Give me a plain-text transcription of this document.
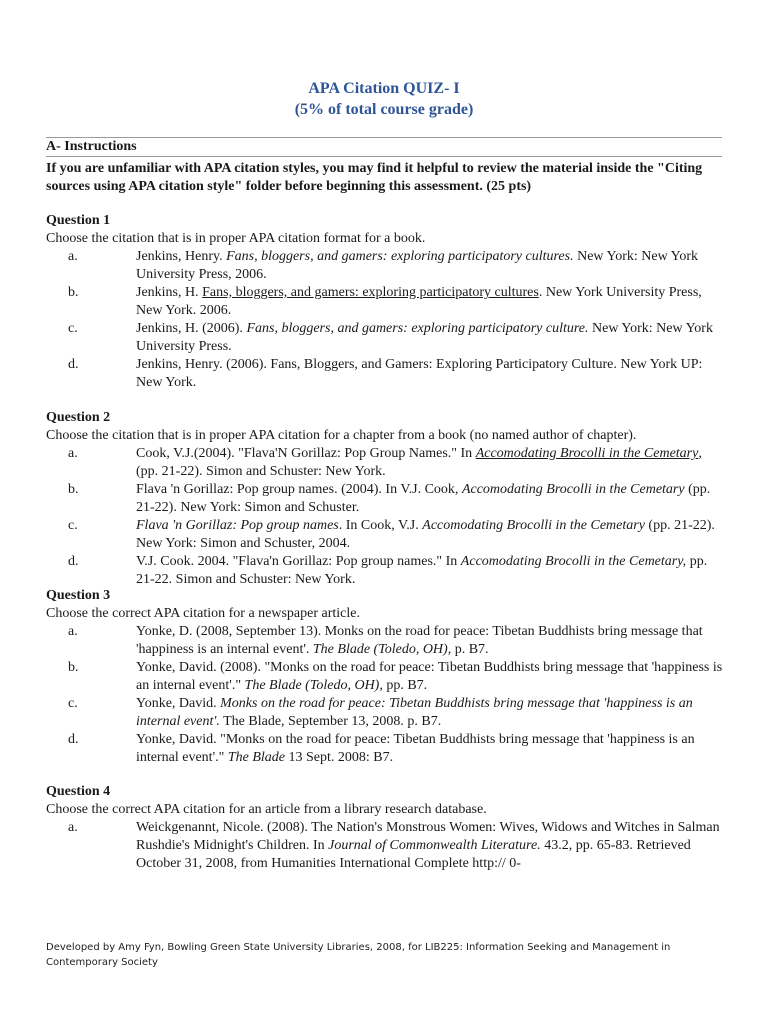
APA Citation QUIZ- I
(5% of total course grade)
A- Instructions
If you are unfamiliar with APA citation styles, you may find it helpful to review the material inside the "Citing sources using APA citation style" folder before beginning this assessment. (25 pts)
Question 1
Choose the citation that is in proper APA citation format for a book.
a.	Jenkins, Henry. Fans, bloggers, and gamers: exploring participatory cultures. New York: New York University Press, 2006.
b.	Jenkins, H. Fans, bloggers, and gamers: exploring participatory cultures. New York University Press, New York. 2006.
c.	Jenkins, H. (2006). Fans, bloggers, and gamers: exploring participatory culture. New York: New York University Press.
d.	Jenkins, Henry. (2006). Fans, Bloggers, and Gamers: Exploring Participatory Culture. New York UP: New York.
Question 2
Choose the citation that is in proper APA citation for a chapter from a book (no named author of chapter).
a.	Cook, V.J.(2004). "Flava'N Gorillaz: Pop Group Names." In Accomodating Brocolli in the Cemetary, (pp. 21-22). Simon and Schuster: New York.
b.	Flava 'n Gorillaz: Pop group names. (2004). In V.J. Cook, Accomodating Brocolli in the Cemetary (pp. 21-22). New York: Simon and Schuster.
c.	Flava 'n Gorillaz: Pop group names. In Cook, V.J. Accomodating Brocolli in the Cemetary (pp. 21-22). New York: Simon and Schuster, 2004.
d.	V.J. Cook. 2004. "Flava'n Gorillaz: Pop group names." In Accomodating Brocolli in the Cemetary, pp. 21-22. Simon and Schuster: New York.
Question 3
Choose the correct APA citation for a newspaper article.
a.	Yonke, D. (2008, September 13). Monks on the road for peace: Tibetan Buddhists bring message that 'happiness is an internal event'. The Blade (Toledo, OH), p. B7.
b.	Yonke, David. (2008). "Monks on the road for peace: Tibetan Buddhists bring message that 'happiness is an internal event'." The Blade (Toledo, OH), pp. B7.
c.	Yonke, David. Monks on the road for peace: Tibetan Buddhists bring message that 'happiness is an internal event'. The Blade, September 13, 2008. p. B7.
d.	Yonke, David. "Monks on the road for peace: Tibetan Buddhists bring message that 'happiness is an internal event'." The Blade 13 Sept. 2008: B7.
Question 4
Choose the correct APA citation for an article from a library research database.
a.	Weickgenannt, Nicole. (2008). The Nation's Monstrous Women: Wives, Widows and Witches in Salman Rushdie's Midnight's Children. In Journal of Commonwealth Literature. 43.2, pp. 65-83. Retrieved October 31, 2008, from Humanities International Complete http:// 0-
Developed by Amy Fyn, Bowling Green State University Libraries, 2008, for LIB225: Information Seeking and Management in Contemporary Society
